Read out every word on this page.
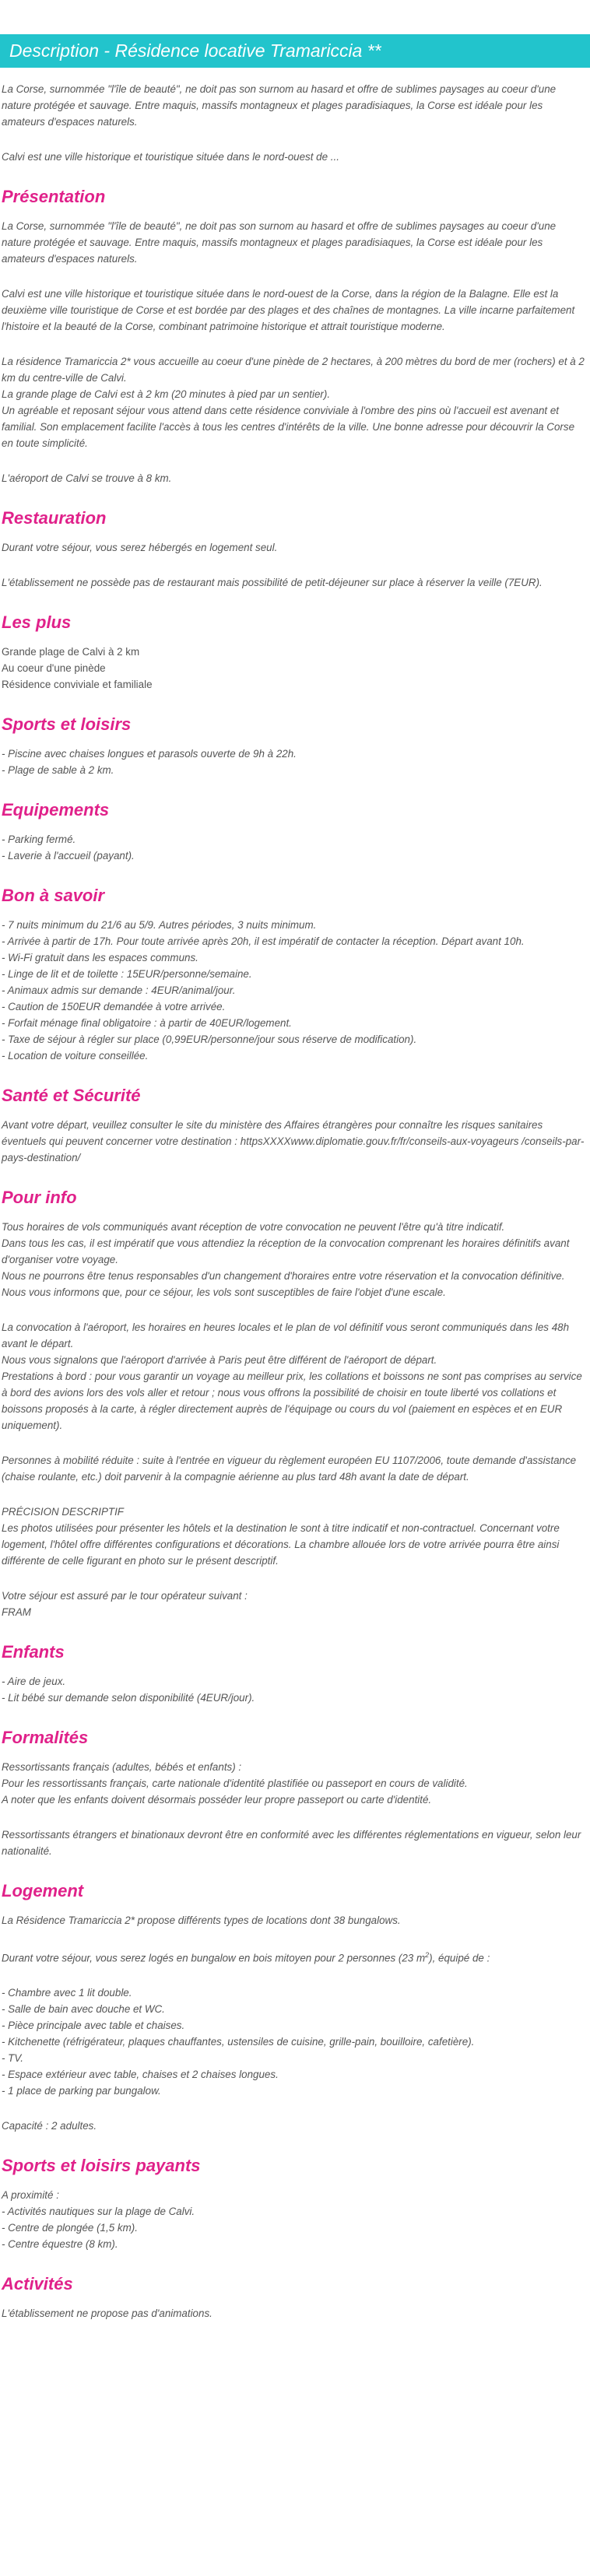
Description - Résidence locative Tramariccia **

La Corse, surnommée "l'île de beauté", ne doit pas son surnom au hasard et offre de sublimes paysages au coeur d'une nature protégée et sauvage. Entre maquis, massifs montagneux et plages paradisiaques, la Corse est idéale pour les amateurs d'espaces naturels.

Calvi est une ville historique et touristique située dans le nord-ouest de ...

Présentation

La Corse, surnommée "l'île de beauté", ne doit pas son surnom au hasard et offre de sublimes paysages au coeur d'une nature protégée et sauvage. Entre maquis, massifs montagneux et plages paradisiaques, la Corse est idéale pour les amateurs d'espaces naturels.

Calvi est une ville historique et touristique située dans le nord-ouest de la Corse, dans la région de la Balagne. Elle est la deuxième ville touristique de Corse et est bordée par des plages et des chaînes de montagnes. La ville incarne parfaitement l'histoire et la beauté de la Corse, combinant patrimoine historique et attrait touristique moderne.

La résidence Tramariccia 2* vous accueille au coeur d'une pinède de 2 hectares, à 200 mètres du bord de mer (rochers) et à 2 km du centre-ville de Calvi.
La grande plage de Calvi est à 2 km (20 minutes à pied par un sentier).
Un agréable et reposant séjour vous attend dans cette résidence conviviale à l'ombre des pins où l'accueil est avenant et familial. Son emplacement facilite l'accès à tous les centres d'intérêts de la ville. Une bonne adresse pour découvrir la Corse en toute simplicité.

L'aéroport de Calvi se trouve à 8 km.

Restauration

Durant votre séjour, vous serez hébergés en logement seul.

L'établissement ne possède pas de restaurant mais possibilité de petit-déjeuner sur place à réserver la veille (7EUR).

Les plus
Grande plage de Calvi à 2 km
Au coeur d'une pinède
Résidence conviviale et familiale
Sports et loisirs
- Piscine avec chaises longues et parasols ouverte de 9h à 22h.
- Plage de sable à 2 km.
Equipements
- Parking fermé.
- Laverie à l'accueil (payant).
Bon à savoir
- 7 nuits minimum du 21/6 au 5/9. Autres périodes, 3 nuits minimum.
- Arrivée à partir de 17h. Pour toute arrivée après 20h, il est impératif de contacter la réception. Départ avant 10h.
- Wi-Fi gratuit dans les espaces communs.
- Linge de lit et de toilette : 15EUR/personne/semaine.
- Animaux admis sur demande : 4EUR/animal/jour.
- Caution de 150EUR demandée à votre arrivée.
- Forfait ménage final obligatoire : à partir de 40EUR/logement.
- Taxe de séjour à régler sur place (0,99EUR/personne/jour sous réserve de modification).
- Location de voiture conseillée.
Santé et Sécurité

Avant votre départ, veuillez consulter le site du ministère des Affaires étrangères pour connaître les risques sanitaires éventuels qui peuvent concerner votre destination : httpsXXXXwww.diplomatie.gouv.fr/fr/conseils-aux-voyageurs /conseils-par-pays-destination/

Pour info
Tous horaires de vols communiqués avant réception de votre convocation ne peuvent l'être qu'à titre indicatif.
Dans tous les cas, il est impératif que vous attendiez la réception de la convocation comprenant les horaires définitifs avant d'organiser votre voyage.
Nous ne pourrons être tenus responsables d'un changement d'horaires entre votre réservation et la convocation définitive.
Nous vous informons que, pour ce séjour, les vols sont susceptibles de faire l'objet d'une escale.
La convocation à l'aéroport, les horaires en heures locales et le plan de vol définitif vous seront communiqués dans les 48h avant le départ.
Nous vous signalons que l'aéroport d'arrivée à Paris peut être différent de l'aéroport de départ.
Prestations à bord : pour vous garantir un voyage au meilleur prix, les collations et boissons ne sont pas comprises au service à bord des avions lors des vols aller et retour ; nous vous offrons la possibilité de choisir en toute liberté vos collations et boissons proposés à la carte, à régler directement auprès de l'équipage ou cours du vol (paiement en espèces et en EUR uniquement).

Personnes à mobilité réduite : suite à l'entrée en vigueur du règlement européen EU 1107/2006, toute demande d'assistance (chaise roulante, etc.) doit parvenir à la compagnie aérienne au plus tard 48h avant la date de départ.

PRÉCISION DESCRIPTIF
Les photos utilisées pour présenter les hôtels et la destination le sont à titre indicatif et non-contractuel. Concernant votre logement, l'hôtel offre différentes configurations et décorations. La chambre allouée lors de votre arrivée pourra être ainsi différente de celle figurant en photo sur le présent descriptif.
Votre séjour est assuré par le tour opérateur suivant :
FRAM
Enfants
- Aire de jeux.
- Lit bébé sur demande selon disponibilité (4EUR/jour).
Formalités
Ressortissants français (adultes, bébés et enfants) :
Pour les ressortissants français, carte nationale d'identité plastifiée ou passeport en cours de validité.
A noter que les enfants doivent désormais posséder leur propre passeport ou carte d'identité.

Ressortissants étrangers et binationaux devront être en conformité avec les différentes réglementations en vigueur, selon leur nationalité.

Logement

La Résidence Tramariccia 2* propose différents types de locations dont 38 bungalows.

Durant votre séjour, vous serez logés en bungalow en bois mitoyen pour 2 personnes (23 $m^2$), équipé de :

- Chambre avec 1 lit double.
- Salle de bain avec douche et WC.
- Pièce principale avec table et chaises.
- Kitchenette (réfrigérateur, plaques chauffantes, ustensiles de cuisine, grille-pain, bouilloire, cafetière).
- TV.
- Espace extérieur avec table, chaises et 2 chaises longues.
- 1 place de parking par bungalow.

Capacité : 2 adultes.

Sports et loisirs payants
A proximité :
- Activités nautiques sur la plage de Calvi.
- Centre de plongée (1,5 km).
- Centre équestre (8 km).
Activités

L'établissement ne propose pas d'animations.
